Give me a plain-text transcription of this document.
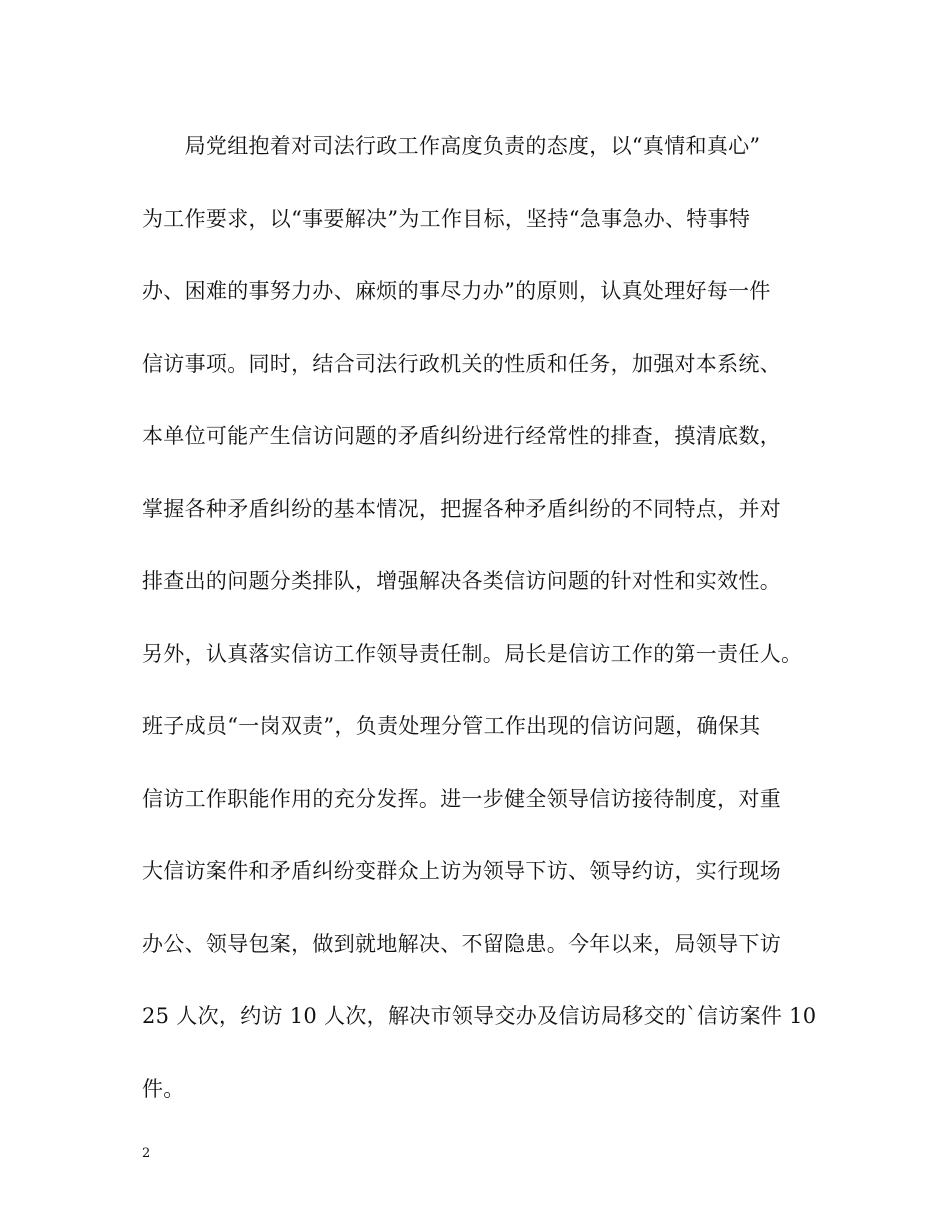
　　局党组抱着对司法行政工作高度负责的态度，以“真情和真心”
为工作要求，以“事要解决”为工作目标，坚持“急事急办、特事特
办、困难的事努力办、麻烦的事尽力办”的原则，认真处理好每一件
信访事项。同时，结合司法行政机关的性质和任务，加强对本系统、
本单位可能产生信访问题的矛盾纠纷进行经常性的排查，摸清底数，
掌握各种矛盾纠纷的基本情况，把握各种矛盾纠纷的不同特点，并对
排查出的问题分类排队，增强解决各类信访问题的针对性和实效性。
另外，认真落实信访工作领导责任制。局长是信访工作的第一责任人。
班子成员“一岗双责”，负责处理分管工作出现的信访问题，确保其
信访工作职能作用的充分发挥。进一步健全领导信访接待制度，对重
大信访案件和矛盾纠纷变群众上访为领导下访、领导约访，实行现场
办公、领导包案，做到就地解决、不留隐患。今年以来，局领导下访
25 人次，约访 10 人次，解决市领导交办及信访局移交的`信访案件 10
件。
2
